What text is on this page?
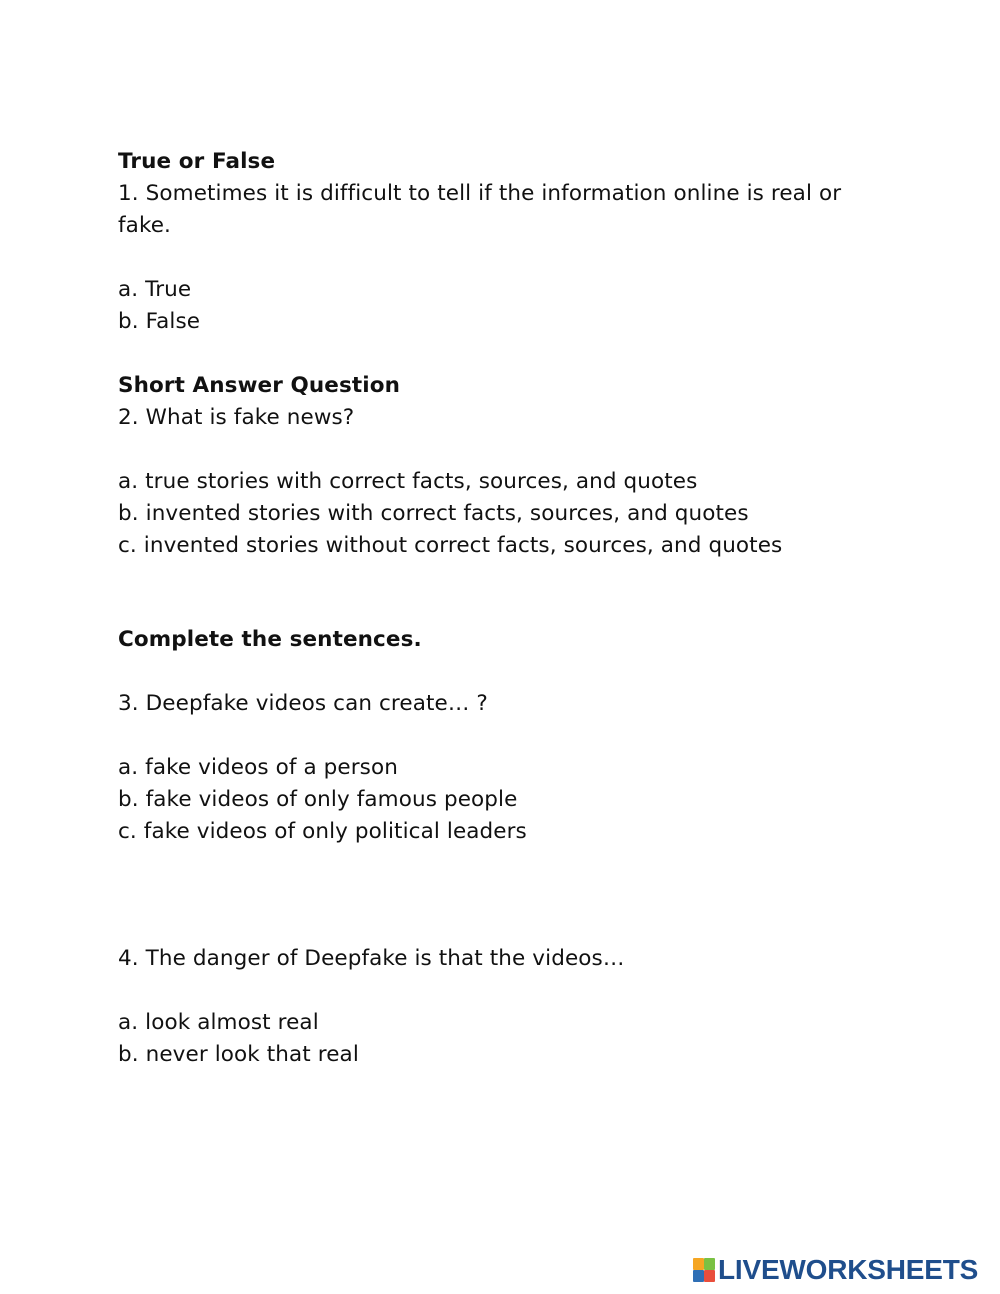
True or False
1. Sometimes it is difficult to tell if the information online is real or
fake.
a. True
b. False
Short Answer Question
2. What is fake news?
a. true stories with correct facts, sources, and quotes
b. invented stories with correct facts, sources, and quotes
c. invented stories without correct facts, sources, and quotes
Complete the sentences.
3. Deepfake videos can create… ?
a. fake videos of a person
b. fake videos of only famous people
c. fake videos of only political leaders
4. The danger of Deepfake is that the videos…
a. look almost real
b. never look that real
LIVEWORKSHEETS
